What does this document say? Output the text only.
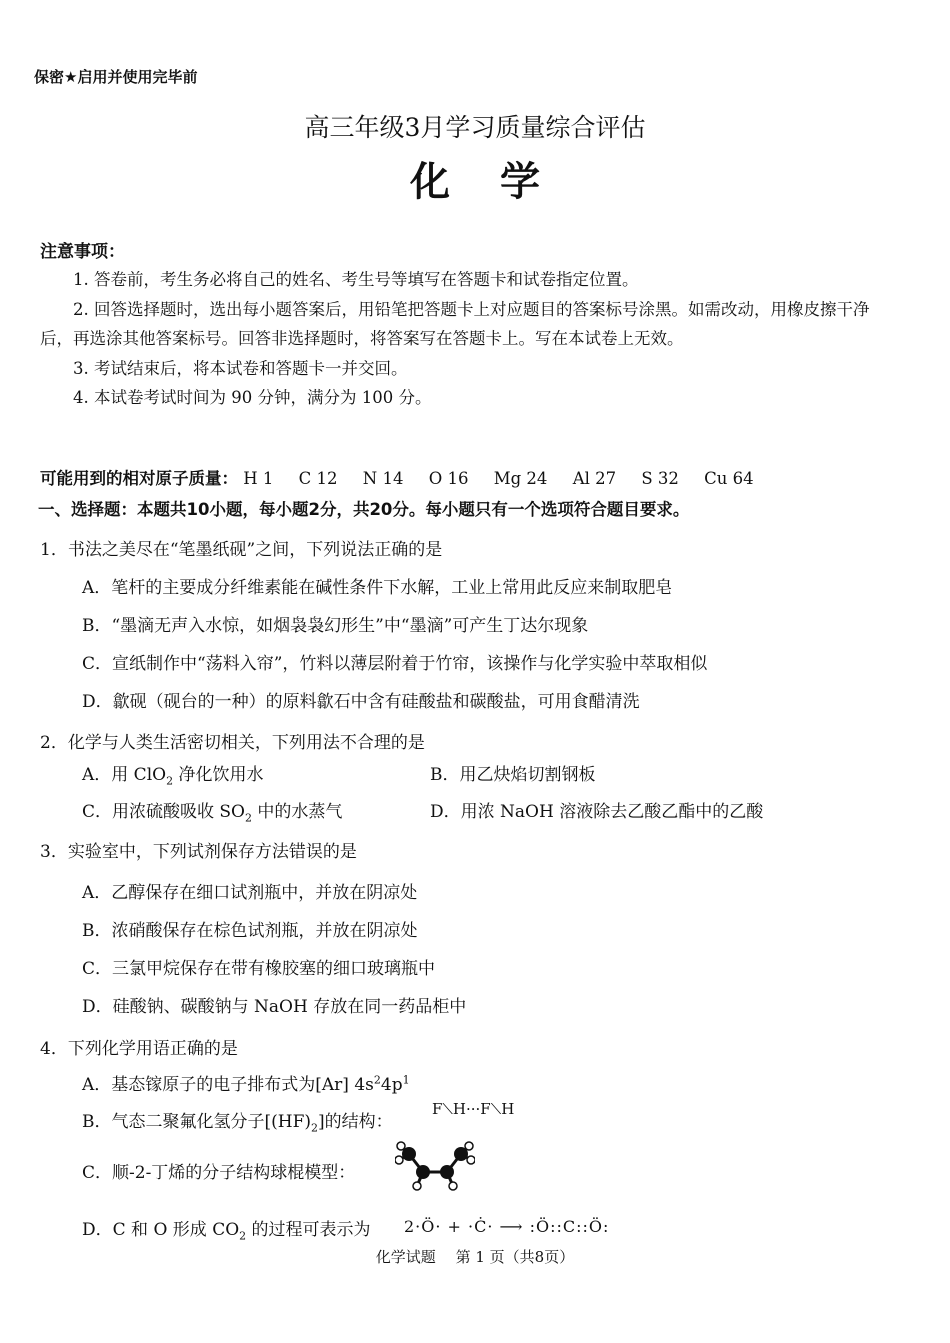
保密★启用并使用完毕前
高三年级3月学习质量综合评估
化学
注意事项：

1. 答卷前，考生务必将自己的姓名、考生号等填写在答题卡和试卷指定位置。

2. 回答选择题时，选出每小题答案后，用铅笔把答题卡上对应题目的答案标号涂黑。如需改动，用橡皮擦干净后，再选涂其他答案标号。回答非选择题时，将答案写在答题卡上。写在本试卷上无效。

3. 考试结束后，将本试卷和答题卡一并交回。

4. 本试卷考试时间为 90 分钟，满分为 100 分。

可能用到的相对原子质量： H 1 C 12 N 14 O 16 Mg 24 Al 27 S 32 Cu 64
一、选择题：本题共10小题，每小题2分，共20分。每小题只有一个选项符合题目要求。
1．书法之美尽在“笔墨纸砚”之间，下列说法正确的是
A．笔杆的主要成分纤维素能在碱性条件下水解，工业上常用此反应来制取肥皂
B．“墨滴无声入水惊，如烟袅袅幻形生”中“墨滴”可产生丁达尔现象
C．宣纸制作中“荡料入帘”，竹料以薄层附着于竹帘，该操作与化学实验中萃取相似
D．歙砚（砚台的一种）的原料歙石中含有硅酸盐和碳酸盐，可用食醋清洗
2．化学与人类生活密切相关，下列用法不合理的是
A．用 ClO$_2$ 净化饮用水	B．用乙炔焰切割钢板
C．用浓硫酸吸收 $SO_2$ 中的水蒸气	D．用浓 NaOH 溶液除去乙酸乙酯中的乙酸
3．实验室中，下列试剂保存方法错误的是
A．乙醇保存在细口试剂瓶中，并放在阴凉处
B．浓硝酸保存在棕色试剂瓶，并放在阴凉处
C．三氯甲烷保存在带有橡胶塞的细口玻璃瓶中
D．硅酸钠、碳酸钠与 NaOH 存放在同一药品柜中
4．下列化学用语正确的是
A．基态镓原子的电子排布式为[Ar] $4s^24p^1$
B．气态二聚氟化氢分子$[(HF)_2]$的结构：
F⟍H···F⟍H
C．顺-2-丁烯的分子结构球棍模型：
D．C 和 O 形成 $CO_2$ 的过程可表示为 2·Ö· + ·Ċ· ⟶ :Ö::C::Ö:
化学试题　 第 1 页（共8页）
